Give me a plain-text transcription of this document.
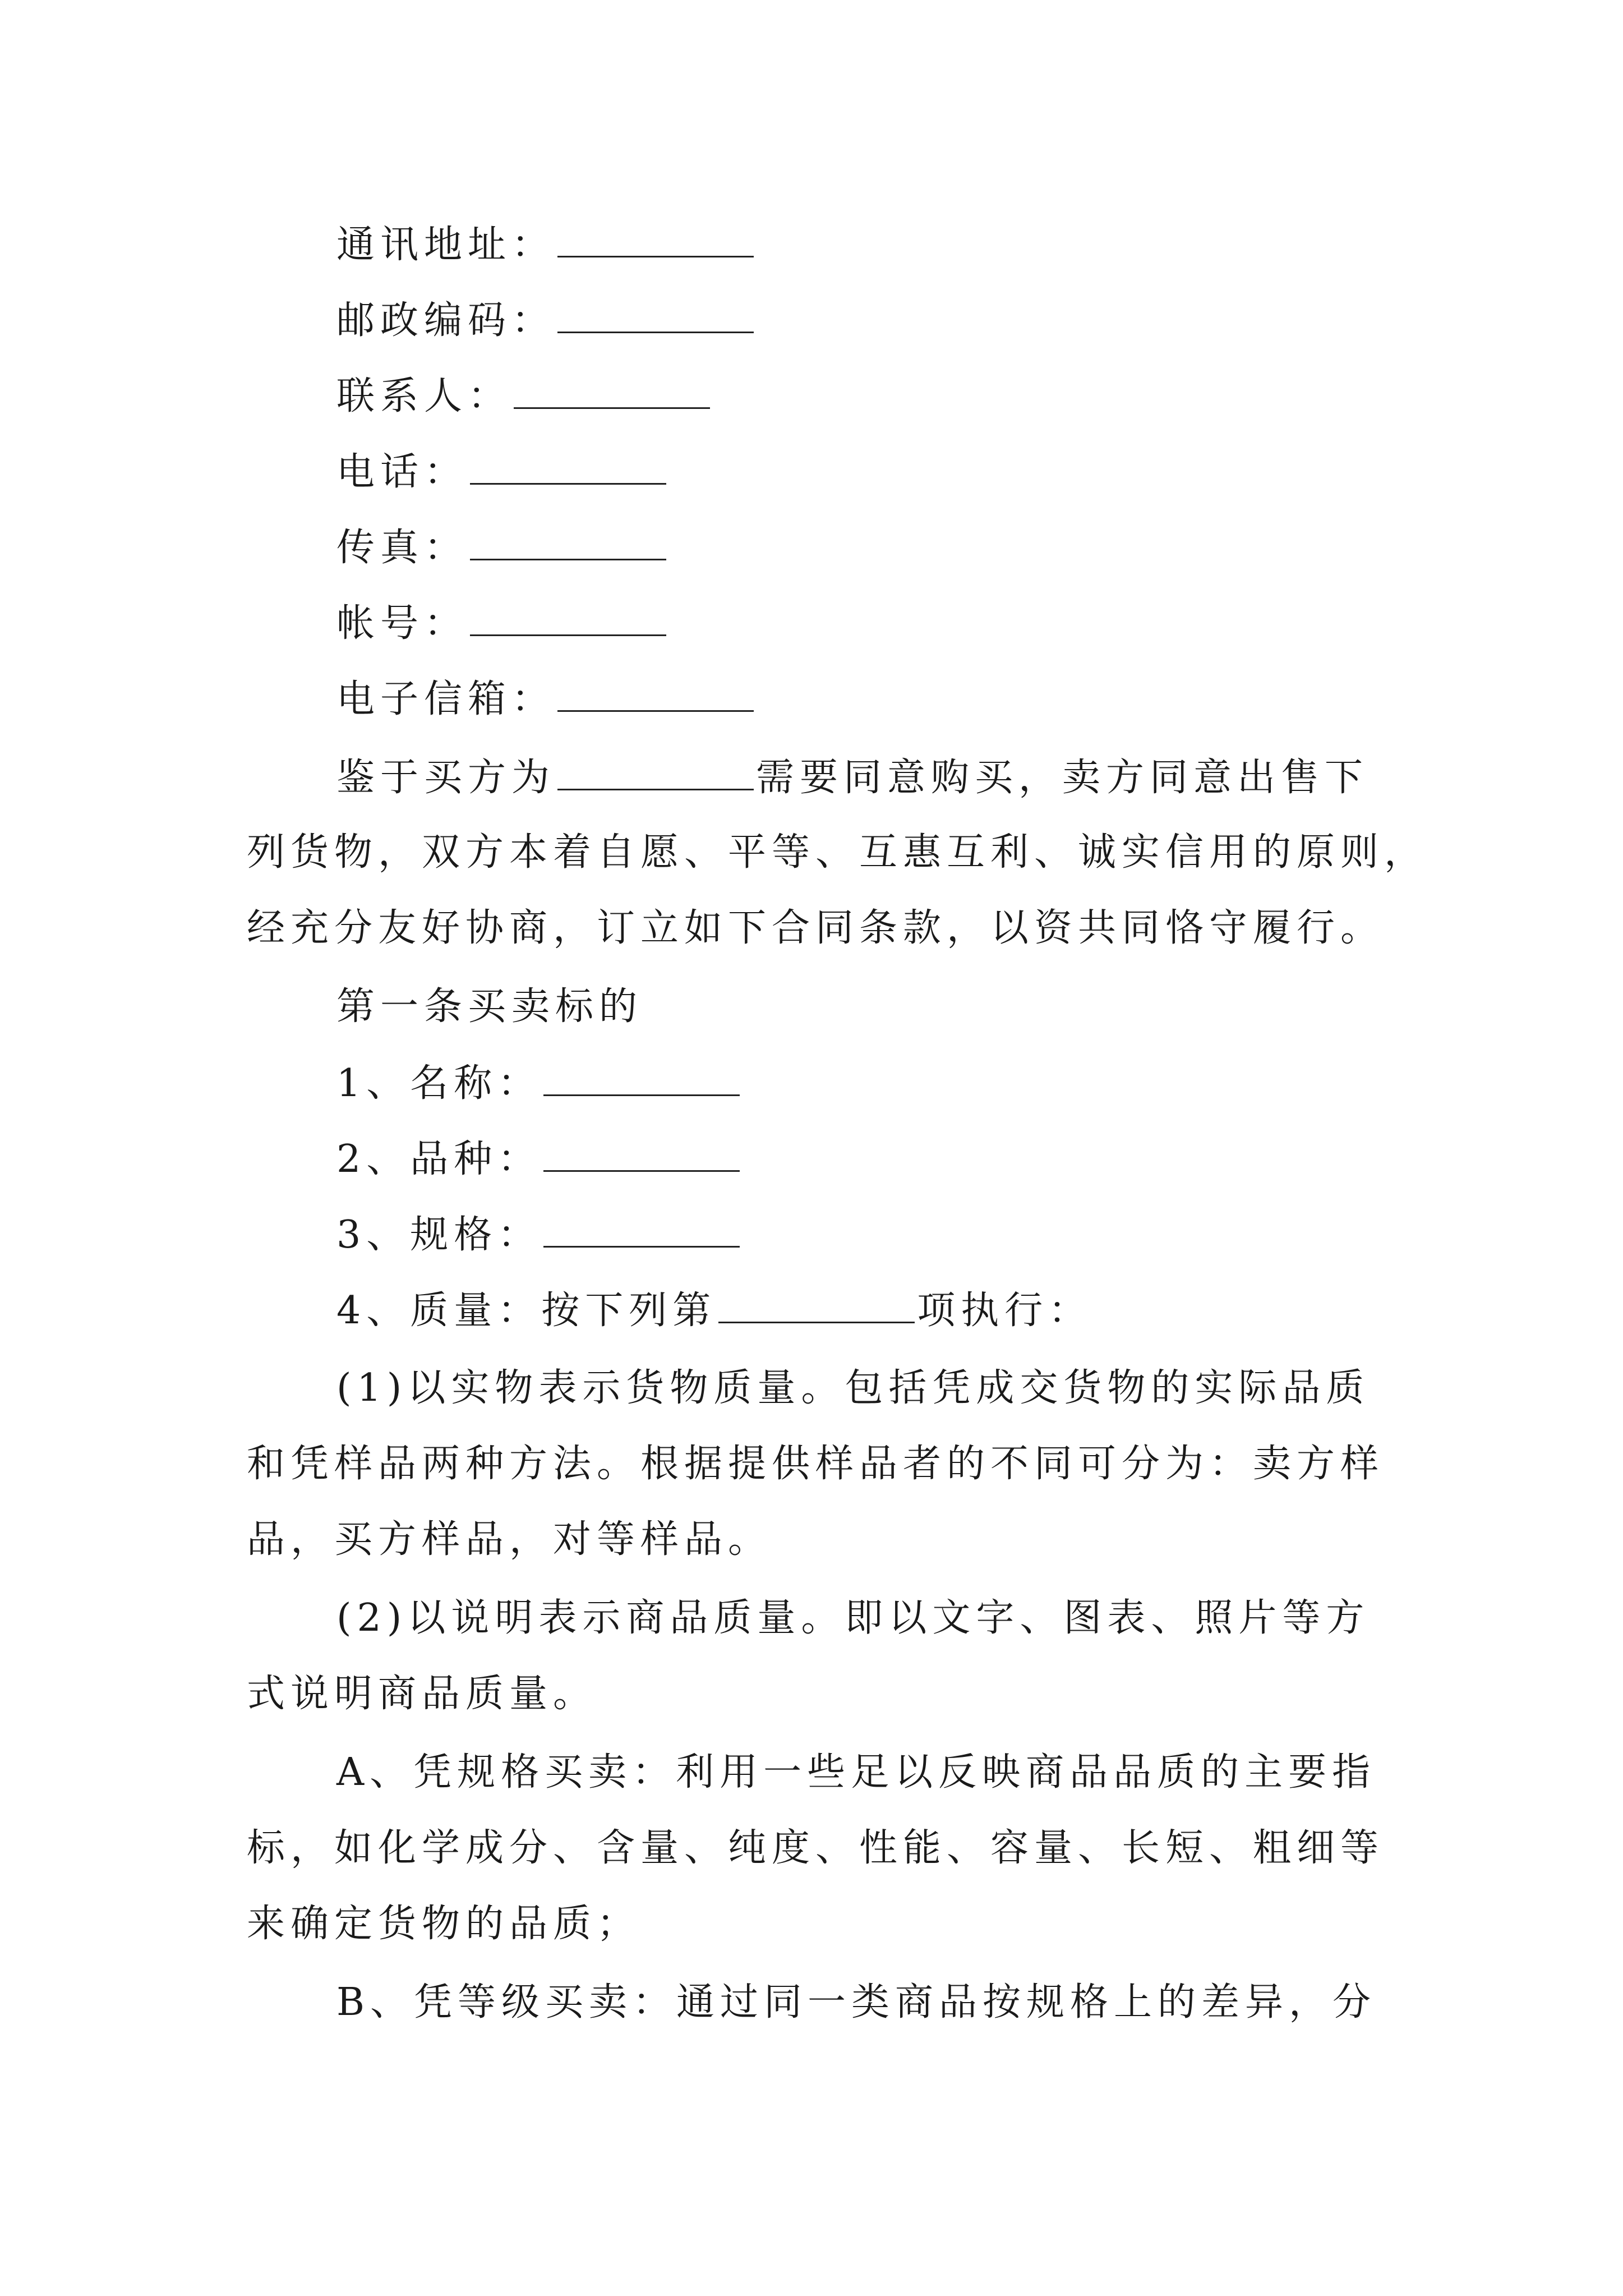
通讯地址：
邮政编码：
联系人：
电话：
传真：
帐号：
电子信箱：
鉴于买方为	需要同意购买，卖方同意出售下
列货物，双方本着自愿、平等、互惠互利、诚实信用的原则，
经充分友好协商，订立如下合同条款，以资共同恪守履行。
第一条买卖标的
1、名称：
2、品种：
3、规格：
4、质量：按下列第	项执行：
(1)以实物表示货物质量。包括凭成交货物的实际品质
和凭样品两种方法。根据提供样品者的不同可分为：卖方样
品，买方样品，对等样品。
(2)以说明表示商品质量。即以文字、图表、照片等方
式说明商品质量。
A、凭规格买卖：利用一些足以反映商品品质的主要指
标，如化学成分、含量、纯度、性能、容量、长短、粗细等
来确定货物的品质；
B、凭等级买卖：通过同一类商品按规格上的差异，分
